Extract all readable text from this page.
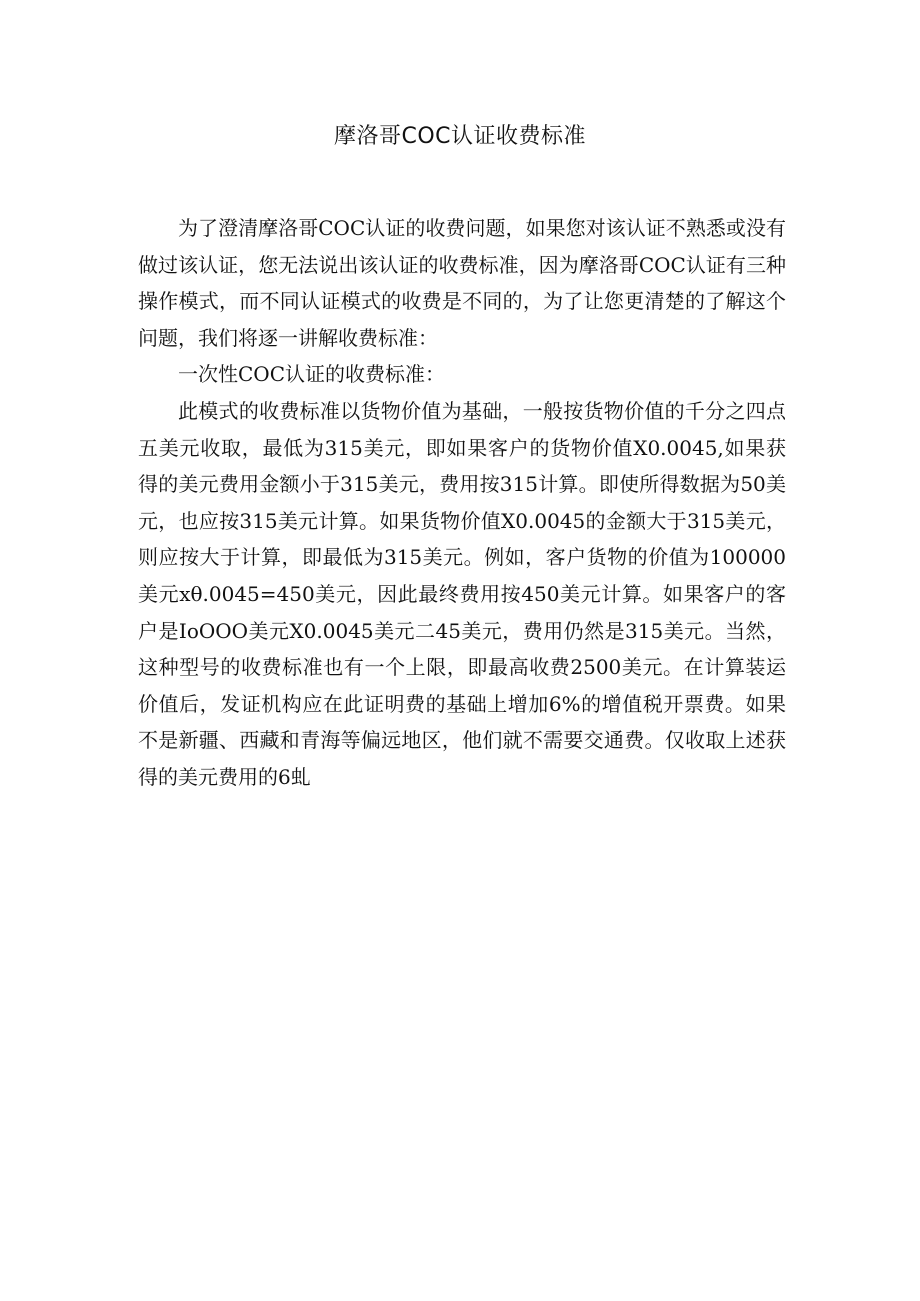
摩洛哥COC认证收费标准

为了澄清摩洛哥COC认证的收费问题，如果您对该认证不熟悉或没有做过该认证，您无法说出该认证的收费标准，因为摩洛哥COC认证有三种操作模式，而不同认证模式的收费是不同的，为了让您更清楚的了解这个问题，我们将逐一讲解收费标准：

一次性COC认证的收费标准：

此模式的收费标准以货物价值为基础，一般按货物价值的千分之四点五美元收取，最低为315美元，即如果客户的货物价值X0.0045,如果获得的美元费用金额小于315美元，费用按315计算。即使所得数据为50美元，也应按315美元计算。如果货物价值X0.0045的金额大于315美元，则应按大于计算，即最低为315美元。例如，客户货物的价值为100000美元xθ.0045=450美元，因此最终费用按450美元计算。如果客户的客户是IoOOO美元X0.0045美元二45美元，费用仍然是315美元。当然，这种型号的收费标准也有一个上限，即最高收费2500美元。在计算装运价值后，发证机构应在此证明费的基础上增加6%的增值税开票费。如果不是新疆、西藏和青海等偏远地区，他们就不需要交通费。仅收取上述获得的美元费用的6虬
